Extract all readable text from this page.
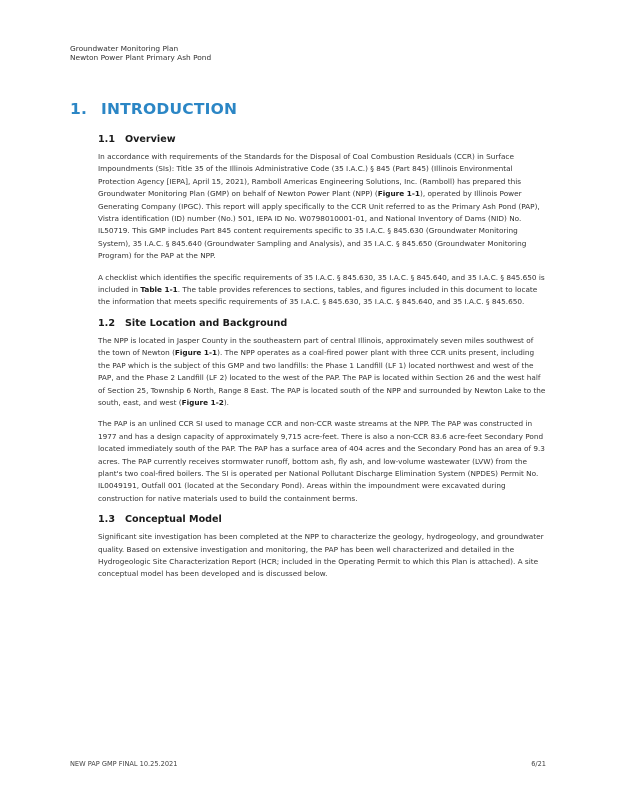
Groundwater Monitoring Plan
Newton Power Plant Primary Ash Pond
1. INTRODUCTION
1.1 Overview

In accordance with requirements of the Standards for the Disposal of Coal Combustion Residuals (CCR) in Surface Impoundments (SIs): Title 35 of the Illinois Administrative Code (35 I.A.C.) § 845 (Part 845) (Illinois Environmental Protection Agency [IEPA], April 15, 2021), Ramboll Americas Engineering Solutions, Inc. (Ramboll) has prepared this Groundwater Monitoring Plan (GMP) on behalf of Newton Power Plant (NPP) (Figure 1-1), operated by Illinois Power Generating Company (IPGC). This report will apply specifically to the CCR Unit referred to as the Primary Ash Pond (PAP), Vistra identification (ID) number (No.) 501, IEPA ID No. W0798010001-01, and National Inventory of Dams (NID) No. IL50719. This GMP includes Part 845 content requirements specific to 35 I.A.C. § 845.630 (Groundwater Monitoring System), 35 I.A.C. § 845.640 (Groundwater Sampling and Analysis), and 35 I.A.C. § 845.650 (Groundwater Monitoring Program) for the PAP at the NPP.

A checklist which identifies the specific requirements of 35 I.A.C. § 845.630, 35 I.A.C. § 845.640, and 35 I.A.C. § 845.650 is included in Table 1-1. The table provides references to sections, tables, and figures included in this document to locate the information that meets specific requirements of 35 I.A.C. § 845.630, 35 I.A.C. § 845.640, and 35 I.A.C. § 845.650.

1.2 Site Location and Background

The NPP is located in Jasper County in the southeastern part of central Illinois, approximately seven miles southwest of the town of Newton (Figure 1-1). The NPP operates as a coal-fired power plant with three CCR units present, including the PAP which is the subject of this GMP and two landfills: the Phase 1 Landfill (LF 1) located northwest and west of the PAP, and the Phase 2 Landfill (LF 2) located to the west of the PAP. The PAP is located within Section 26 and the west half of Section 25, Township 6 North, Range 8 East. The PAP is located south of the NPP and surrounded by Newton Lake to the south, east, and west (Figure 1-2).

The PAP is an unlined CCR SI used to manage CCR and non-CCR waste streams at the NPP. The PAP was constructed in 1977 and has a design capacity of approximately 9,715 acre-feet. There is also a non-CCR 83.6 acre-feet Secondary Pond located immediately south of the PAP. The PAP has a surface area of 404 acres and the Secondary Pond has an area of 9.3 acres. The PAP currently receives stormwater runoff, bottom ash, fly ash, and low-volume wastewater (LVW) from the plant's two coal-fired boilers. The SI is operated per National Pollutant Discharge Elimination System (NPDES) Permit No. IL0049191, Outfall 001 (located at the Secondary Pond). Areas within the impoundment were excavated during construction for native materials used to build the containment berms.

1.3 Conceptual Model

Significant site investigation has been completed at the NPP to characterize the geology, hydrogeology, and groundwater quality. Based on extensive investigation and monitoring, the PAP has been well characterized and detailed in the Hydrogeologic Site Characterization Report (HCR; included in the Operating Permit to which this Plan is attached). A site conceptual model has been developed and is discussed below.

NEW PAP GMP FINAL 10.25.2021	6/21
